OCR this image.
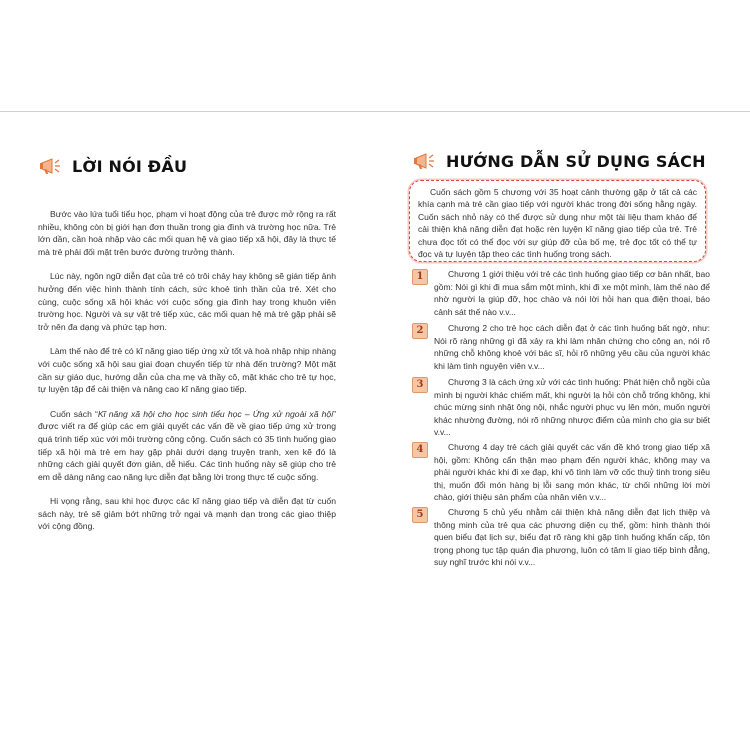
LỜI NÓI ĐẦU

Bước vào lứa tuổi tiểu học, phạm vi hoạt động của trẻ được mở rộng ra rất nhiều, không còn bị giới hạn đơn thuần trong gia đình và trường học nữa. Trẻ lớn dần, cần hoà nhập vào các mối quan hệ và giao tiếp xã hội, đây là thực tế mà trẻ phải đối mặt trên bước đường trưởng thành.

Lúc này, ngôn ngữ diễn đạt của trẻ có trôi chảy hay không sẽ gián tiếp ảnh hưởng đến việc hình thành tính cách, sức khoẻ tinh thần của trẻ. Xét cho cùng, cuộc sống xã hội khác với cuộc sống gia đình hay trong khuôn viên trường học. Người và sự vật trẻ tiếp xúc, các mối quan hệ mà trẻ gặp phải sẽ trở nên đa dạng và phức tạp hơn.

Làm thế nào để trẻ có kĩ năng giao tiếp ứng xử tốt và hoà nhập nhịp nhàng với cuộc sống xã hội sau giai đoạn chuyển tiếp từ nhà đến trường? Một mặt cần sự giáo dục, hướng dẫn của cha mẹ và thầy cô, mặt khác cho trẻ tự học, tự luyện tập để cải thiện và nâng cao kĩ năng giao tiếp.

Cuốn sách “Kĩ năng xã hội cho học sinh tiểu học – Ứng xử ngoài xã hội” được viết ra để giúp các em giải quyết các vấn đề về giao tiếp ứng xử trong quá trình tiếp xúc với môi trường công cộng. Cuốn sách có 35 tình huống giao tiếp xã hội mà trẻ em hay gặp phải dưới dạng truyện tranh, xen kẽ đó là những cách giải quyết đơn giản, dễ hiểu. Các tình huống này sẽ giúp cho trẻ em dễ dàng nâng cao năng lực diễn đạt bằng lời trong thực tế cuộc sống.

Hi vọng rằng, sau khi học được các kĩ năng giao tiếp và diễn đạt từ cuốn sách này, trẻ sẽ giảm bớt những trở ngại và mạnh dạn trong các giao thiệp với cộng đồng.

HƯỚNG DẪN SỬ DỤNG SÁCH

Cuốn sách gồm 5 chương với 35 hoạt cảnh thường gặp ở tất cả các khía cạnh mà trẻ cần giao tiếp với người khác trong đời sống hằng ngày. Cuốn sách nhỏ này có thể được sử dụng như một tài liệu tham khảo để cải thiện khả năng diễn đạt hoặc rèn luyện kĩ năng giao tiếp của trẻ. Trẻ chưa đọc tốt có thể đọc với sự giúp đỡ của bố mẹ, trẻ đọc tốt có thể tự đọc và tự luyện tập theo các tình huống trong sách.

1	Chương 1 giới thiệu với trẻ các tình huống giao tiếp cơ bản nhất, bao gồm: Nói gì khi đi mua sắm một mình, khi đi xe một mình, làm thế nào để nhờ người lạ giúp đỡ, học chào và nói lời hỏi han qua điện thoại, báo cảnh sát thế nào v.v...
2	Chương 2 cho trẻ học cách diễn đạt ở các tình huống bất ngờ, như: Nói rõ ràng những gì đã xảy ra khi làm nhân chứng cho công an, nói rõ những chỗ không khoẻ với bác sĩ, hỏi rõ những yêu cầu của người khác khi làm tình nguyện viên v.v...
3	Chương 3 là cách ứng xử với các tình huống: Phát hiện chỗ ngồi của mình bị người khác chiếm mất, khi người lạ hỏi còn chỗ trống không, khi chúc mừng sinh nhật ông nội, nhắc người phục vụ lên món, muốn người khác nhường đường, nói rõ những nhược điểm của mình cho gia sư biết v.v...
4	Chương 4 dạy trẻ cách giải quyết các vấn đề khó trong giao tiếp xã hội, gồm: Không cẩn thận mạo phạm đến người khác, không may va phải người khác khi đi xe đạp, khi vô tình làm vỡ cốc thuỷ tinh trong siêu thị, muốn đổi món hàng bị lỗi sang món khác, từ chối những lời mời chào, giới thiệu sản phẩm của nhân viên v.v...
5	Chương 5 chủ yếu nhằm cải thiện khả năng diễn đạt lịch thiệp và thông minh của trẻ qua các phương diện cụ thể, gồm: hình thành thói quen biểu đạt lịch sự, biểu đạt rõ ràng khi gặp tình huống khẩn cấp, tôn trọng phong tục tập quán địa phương, luôn có tâm lí giao tiếp bình đẳng, suy nghĩ trước khi nói v.v...
